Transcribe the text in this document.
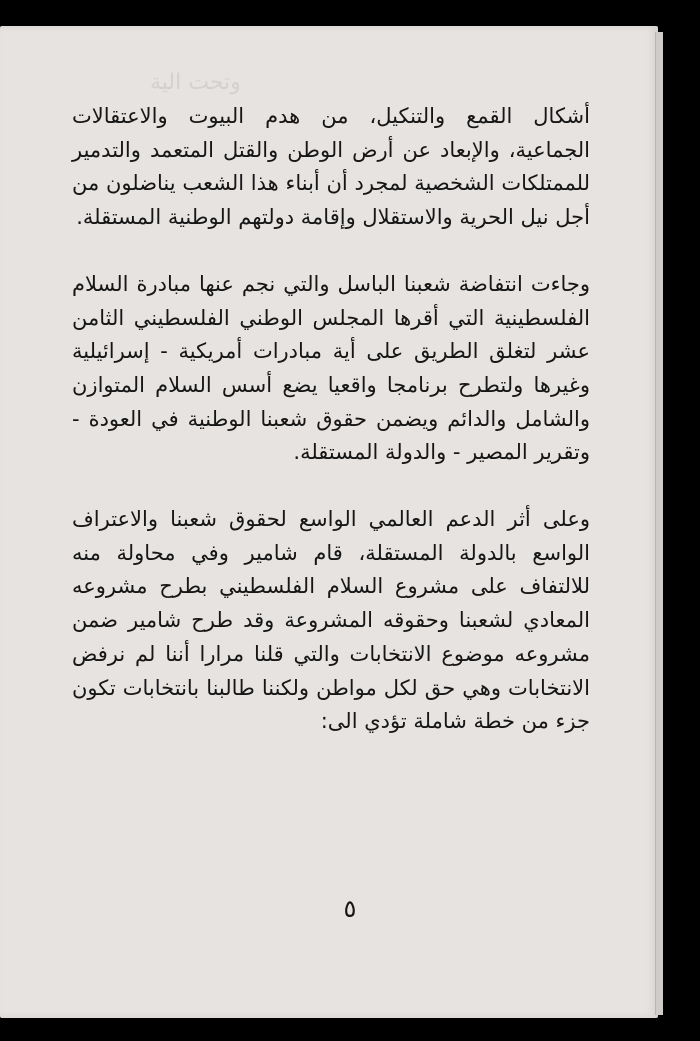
وتحت الية

أشكال القمع والتنكيل، من هدم البيوت والاعتقالات الجماعية، والإبعاد عن أرض الوطن والقتل المتعمد والتدمير للممتلكات الشخصية لمجرد أن أبناء هذا الشعب يناضلون من أجل نيل الحرية والاستقلال وإقامة دولتهم الوطنية المستقلة.

وجاءت انتفاضة شعبنا الباسل والتي نجم عنها مبادرة السلام الفلسطينية التي أقرها المجلس الوطني الفلسطيني الثامن عشر لتغلق الطريق على أية مبادرات أمريكية - إسرائيلية وغيرها ولتطرح برنامجا واقعيا يضع أسس السلام المتوازن والشامل والدائم ويضمن حقوق شعبنا الوطنية في العودة - وتقرير المصير - والدولة المستقلة.

وعلى أثر الدعم العالمي الواسع لحقوق شعبنا والاعتراف الواسع بالدولة المستقلة، قام شامير وفي محاولة منه للالتفاف على مشروع السلام الفلسطيني بطرح مشروعه المعادي لشعبنا وحقوقه المشروعة وقد طرح شامير ضمن مشروعه موضوع الانتخابات والتي قلنا مرارا أننا لم نرفض الانتخابات وهي حق لكل مواطن ولكننا طالبنا بانتخابات تكون جزء من خطة شاملة تؤدي الى:

٥
